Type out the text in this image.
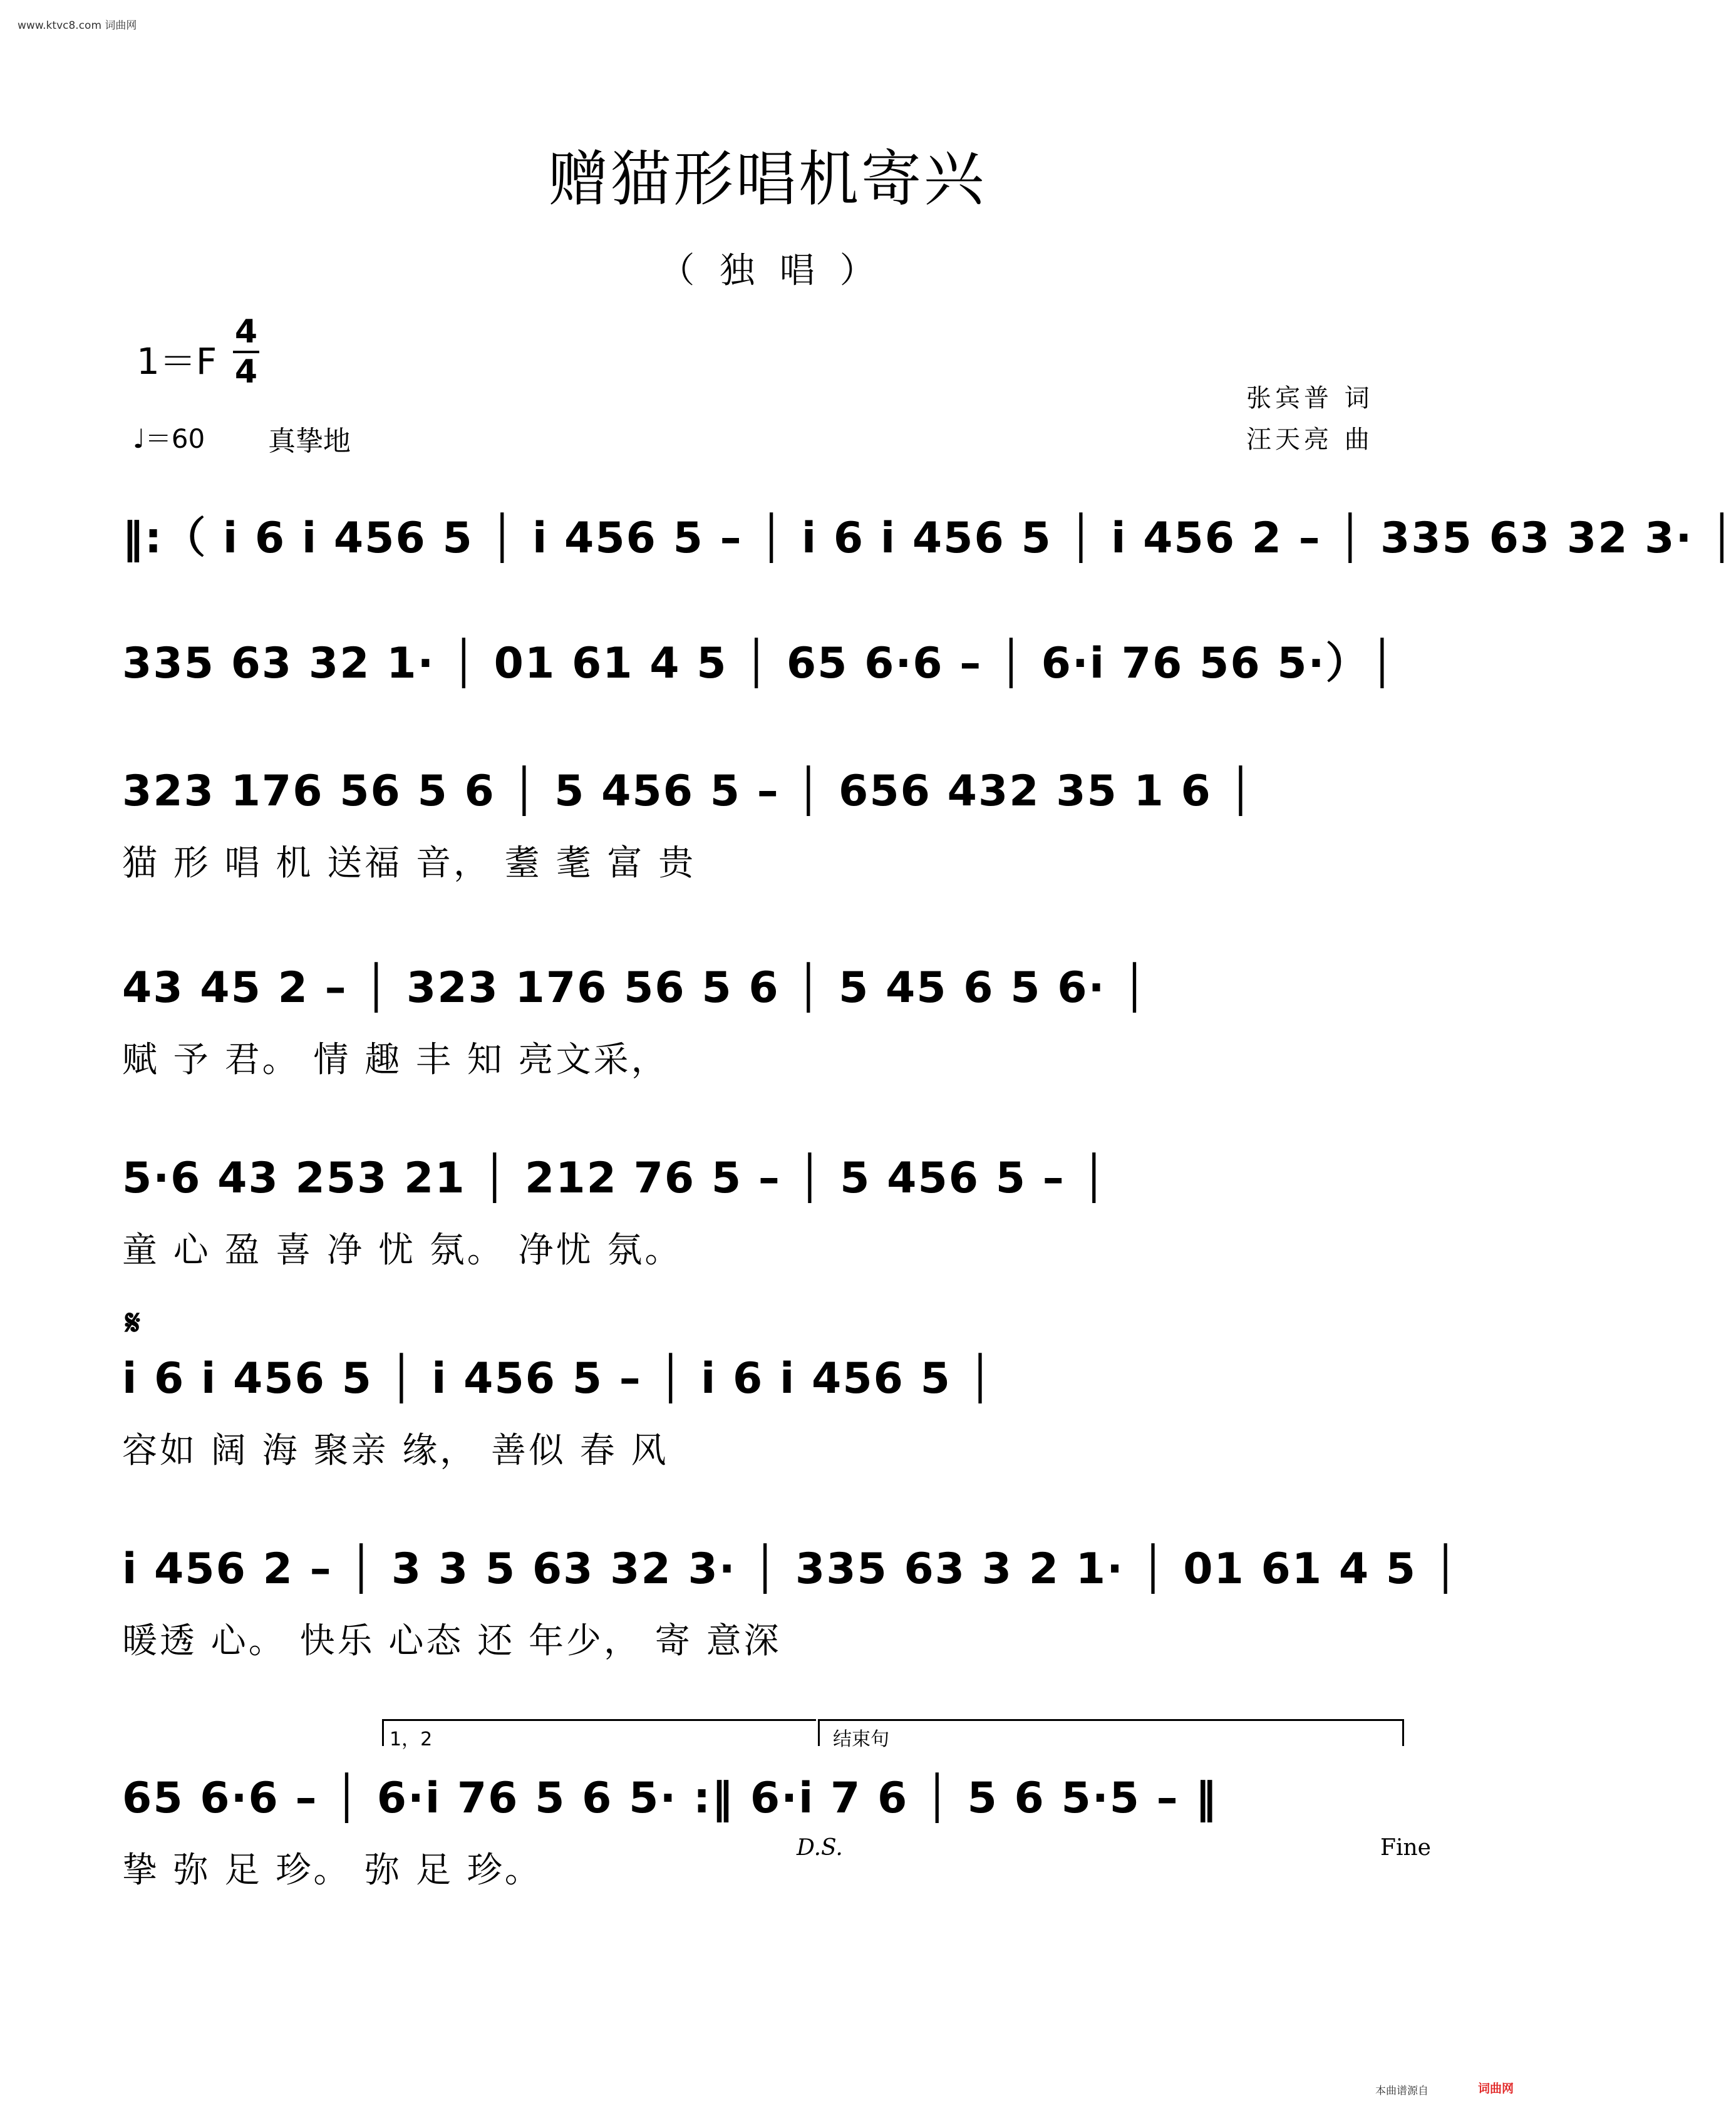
www.ktvc8.com 词曲网
赠猫形唱机寄兴
（ 独 唱 ）
1＝F
4
4
♩＝60 真挚地
张宾普 词
汪天亮 曲
‖:（ i 6 i 456 5 │ i 456 5 – │ i 6 i 456 5 │ i 456 2 – │ 335 63 32 3· │
335 63 32 1· │ 01 61 4 5 │ 65 6·6 – │ 6·i 76 56 5·）│
323 176 56 5 6 │ 5 456 5 – │ 656 432 35 1 6 │
猫 形 唱 机 送福 音， 耋 耄 富 贵
43 45 2 – │ 323 176 56 5 6 │ 5 45 6 5 6· │
赋 予 君。 情 趣 丰 知 亮文采，
5·6 43 253 21 │ 212 76 5 – │ 5 456 5 – │
童 心 盈 喜 净 忧 氛。 净忧 氛。
𝄋
i 6 i 456 5 │ i 456 5 – │ i 6 i 456 5 │
容如 阔 海 聚亲 缘， 善似 春 风
i 456 2 – │ 3 3 5 63 32 3· │ 335 63 3 2 1· │ 01 61 4 5 │
暖透 心。 快乐 心态 还 年少， 寄 意深
1，2	结束句
65 6·6 – │ 6·i 76 5 6 5· :‖ 6·i 7 6 │ 5 6 5·5 – ‖
挚 弥 足 珍。 弥 足 珍。
D.S.	Fine
本曲谱源自	词曲网
